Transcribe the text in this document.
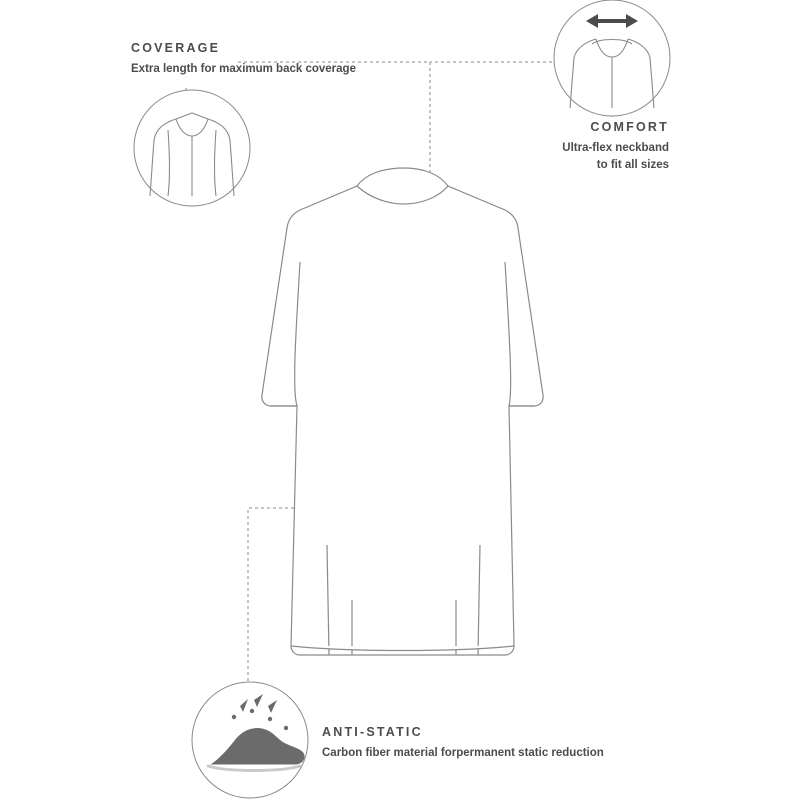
COVERAGE
Extra length for maximum back coverage
COMFORT
Ultra-flex neckband
to fit all sizes
ANTI-STATIC
Carbon fiber material forpermanent static reduction
